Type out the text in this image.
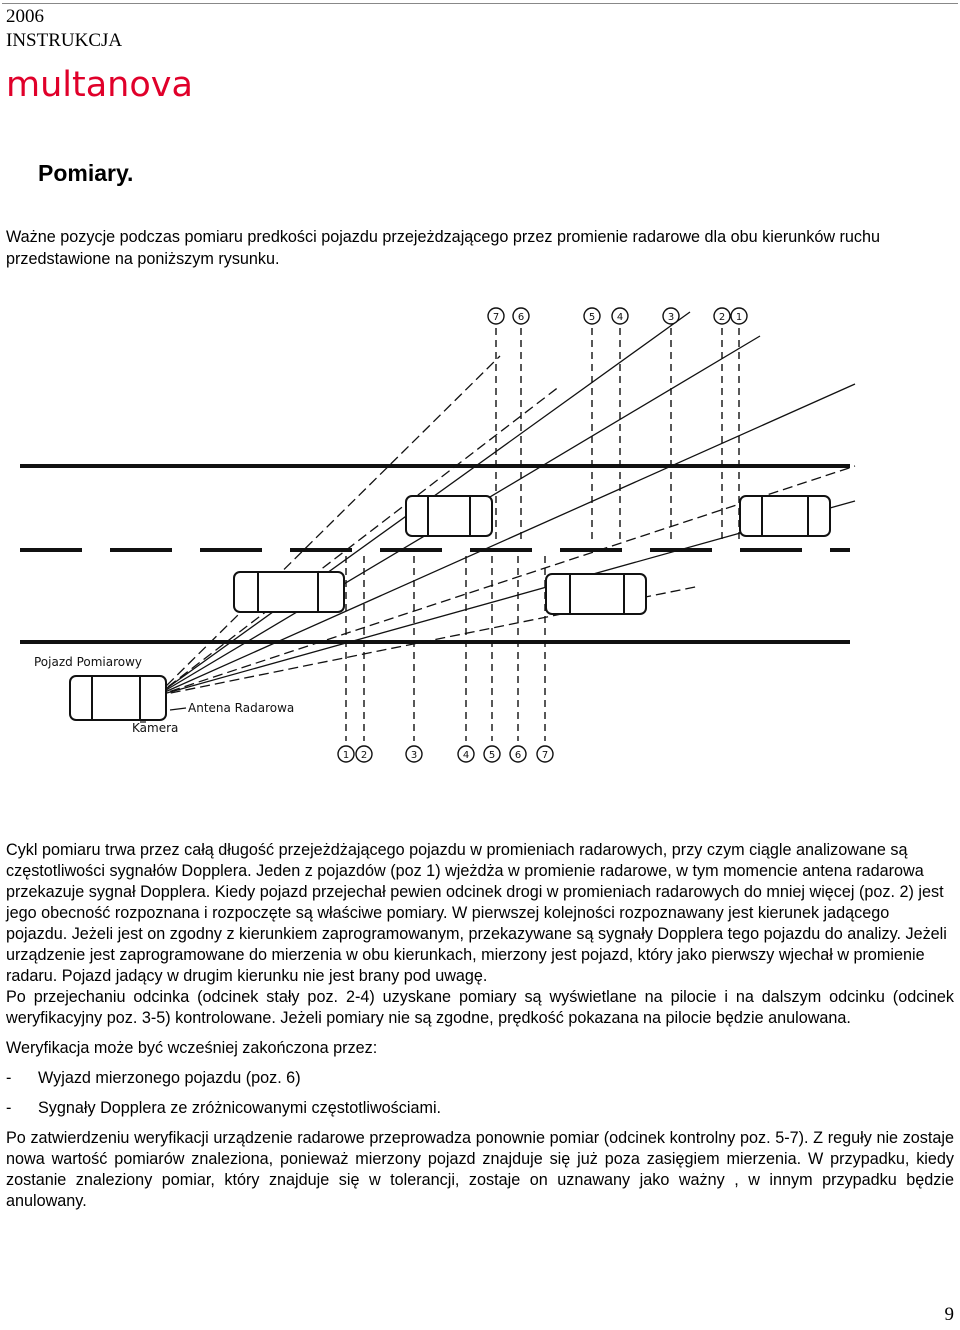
2006
INSTRUKCJA
multanova
Pomiary.
Ważne pozycje podczas pomiaru predkości pojazdu przejeżdzającego przez promienie radarowe dla obu kierunków ruchu przedstawione na poniższym rysunku.
7 6	5 4	3	2 1
1 2	3	4 5 6 7
Pojazd Pomiarowy
Antena Radarowa
Kamera

Cykl pomiaru trwa przez całą długość przejeżdżającego pojazdu w promieniach radarowych, przy czym ciągle analizowane są częstotliwości sygnałów Dopplera. Jeden z pojazdów (poz 1) wjeżdża w promienie radarowe, w tym momencie antena radarowa przekazuje sygnał Dopplera. Kiedy pojazd przejechał pewien odcinek drogi w promieniach radarowych do mniej więcej (poz. 2) jest jego obecność rozpoznana i rozpoczęte są właściwe pomiary. W pierwszej kolejności rozpoznawany jest kierunek jadącego pojazdu. Jeżeli jest on zgodny z kierunkiem zaprogramowanym, przekazywane są sygnały Dopplera tego pojazdu do analizy. Jeżeli urządzenie jest zaprogramowane do mierzenia w obu kierunkach, mierzony jest pojazd, który jako pierwszy wjechał w promienie radaru. Pojazd jadący w drugim kierunku nie jest brany pod uwagę.

Po przejechaniu odcinka (odcinek stały poz. 2-4) uzyskane pomiary są wyświetlane na pilocie i na dalszym odcinku (odcinek weryfikacyjny poz. 3-5) kontrolowane. Jeżeli pomiary nie są zgodne, prędkość pokazana na pilocie będzie anulowana.

Weryfikacja może być wcześniej zakończona przez:

-	Wyjazd mierzonego pojazdu (poz. 6)
-	Sygnały Dopplera ze zróżnicowanymi częstotliwościami.

Po zatwierdzeniu weryfikacji urządzenie radarowe przeprowadza ponownie pomiar (odcinek kontrolny poz. 5-7). Z reguły nie zostaje nowa wartość pomiarów znaleziona, ponieważ mierzony pojazd znajduje się już poza zasięgiem mierzenia. W przypadku, kiedy zostanie znaleziony pomiar, który znajduje się w tolerancji, zostaje on uznawany jako ważny , w innym przypadku będzie anulowany.

9
